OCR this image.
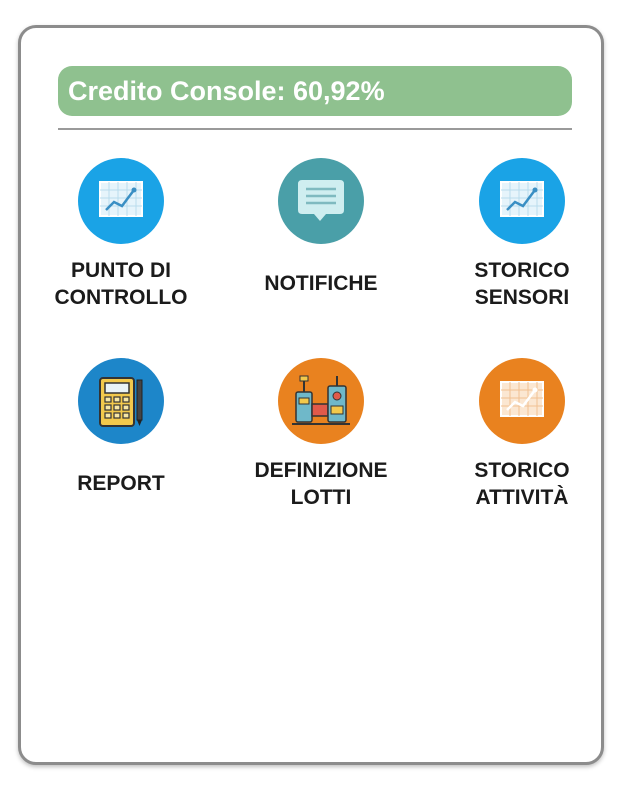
Credito Console: 60,92%
PUNTO DI
CONTROLLO
NOTIFICHE
STORICO
SENSORI
REPORT
DEFINIZIONE
LOTTI
STORICO
ATTIVITÀ
